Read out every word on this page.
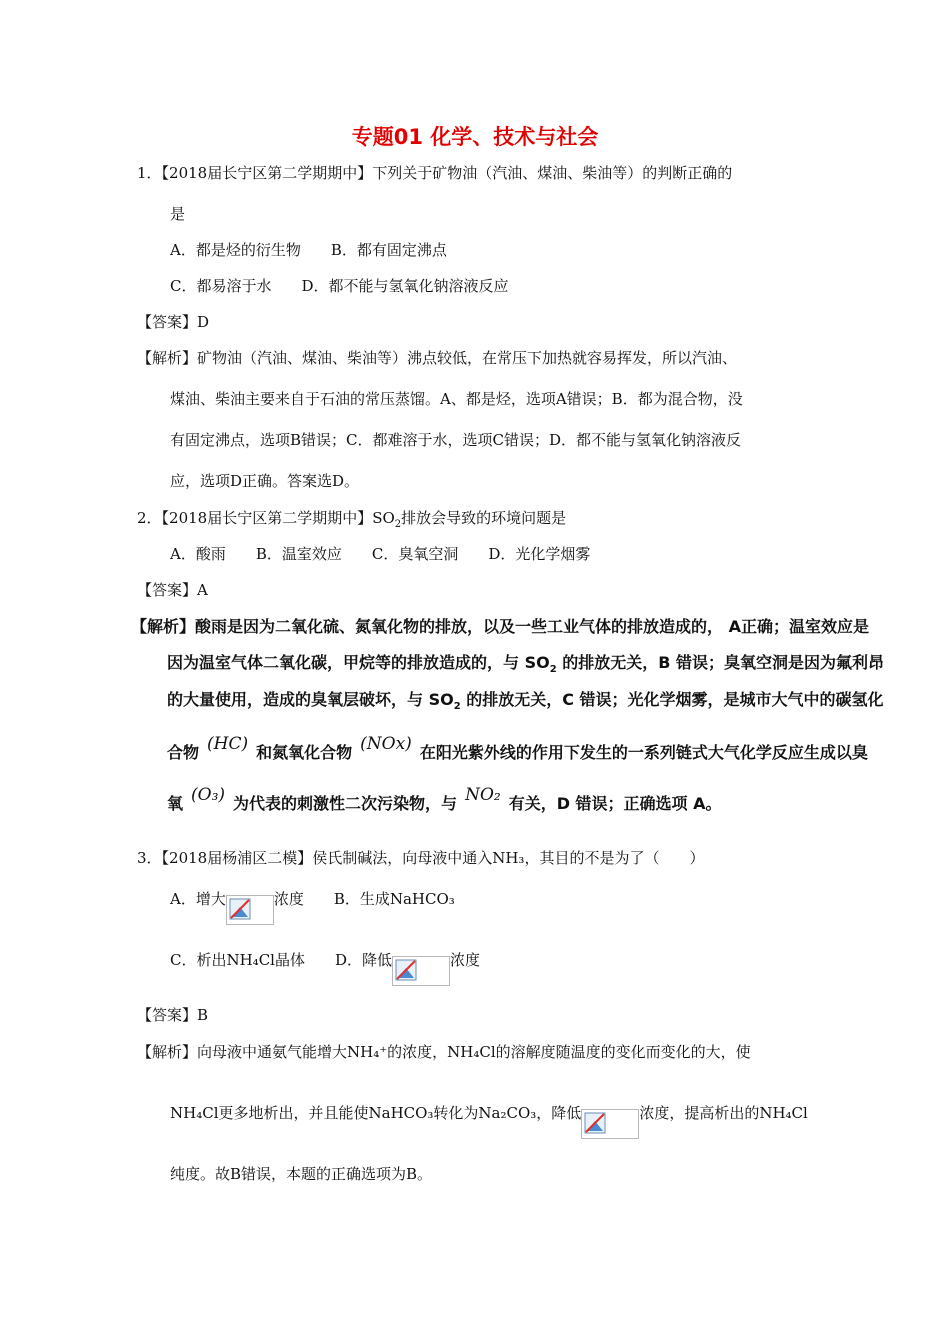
专题01 化学、技术与社会
1．【2018届长宁区第二学期期中】下列关于矿物油（汽油、煤油、柴油等）的判断正确的
是
A．都是烃的衍生物　　B．都有固定沸点
C．都易溶于水　　D．都不能与氢氧化钠溶液反应
【答案】D
【解析】矿物油（汽油、煤油、柴油等）沸点较低，在常压下加热就容易挥发，所以汽油、
煤油、柴油主要来自于石油的常压蒸馏。A、都是烃，选项A错误；B．都为混合物，没
有固定沸点，选项B错误；C．都难溶于水，选项C错误；D．都不能与氢氧化钠溶液反
应，选项D正确。答案选D。
2．【2018届长宁区第二学期期中】$SO_2$排放会导致的环境问题是
A．酸雨　　B．温室效应　　C．臭氧空洞　　D．光化学烟雾
【答案】A
【解析】酸雨是因为二氧化硫、氮氧化物的排放，以及一些工业气体的排放造成的， A正确；温室效应是
因为温室气体二氧化碳，甲烷等的排放造成的，与 $SO_2$ 的排放无关，B 错误；臭氧空洞是因为氟利昂
的大量使用，造成的臭氧层破坏，与 $SO_2$ 的排放无关，C 错误；光化学烟雾，是城市大气中的碳氢化
合物 (HC) 和氮氧化合物 (NOx) 在阳光紫外线的作用下发生的一系列链式大气化学反应生成以臭
氧 (O₃) 为代表的刺激性二次污染物，与 NO₂ 有关，D 错误；正确选项 A。
3．【2018届杨浦区二模】侯氏制碱法，向母液中通入NH₃，其目的不是为了（　　）
A．增大	浓度　　B．生成NaHCO₃
C．析出NH₄Cl晶体　　D．降低	浓度
【答案】B
【解析】向母液中通氨气能增大NH₄⁺的浓度，NH₄Cl的溶解度随温度的变化而变化的大，使
NH₄Cl更多地析出，并且能使NaHCO₃转化为Na₂CO₃，降低	浓度，提高析出的NH₄Cl
纯度。故B错误，本题的正确选项为B。
